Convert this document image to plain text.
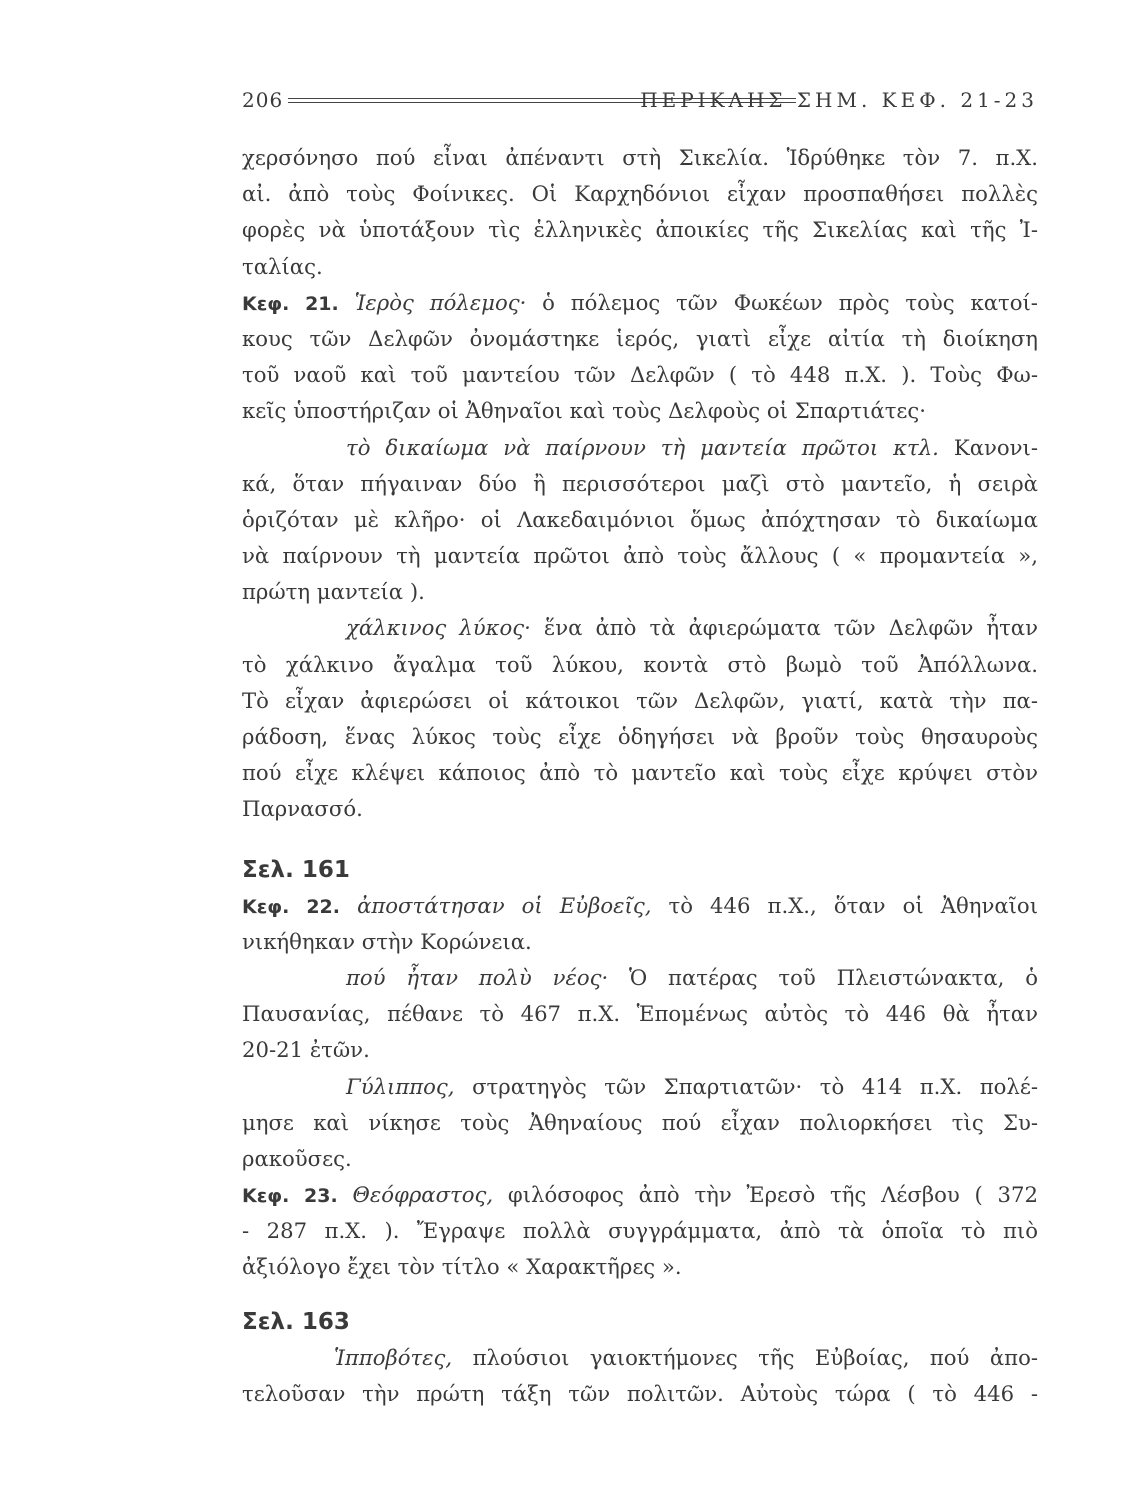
206	ΠΕΡΙΚΛΗΣ ΣΗΜ. ΚΕΦ. 21-23
χερσόνησο πού εἶναι ἀπέναντι στὴ Σικελία. Ἱδρύθηκε τὸν 7. π.Χ.
αἰ. ἀπὸ τοὺς Φοίνικες. Οἱ Καρχηδόνιοι εἶχαν προσπαθήσει πολλὲς
φορὲς νὰ ὑποτάξουν τὶς ἑλληνικὲς ἀποικίες τῆς Σικελίας καὶ τῆς Ἰ-
ταλίας.
Κεφ. 21. Ἱερὸς πόλεμος· ὁ πόλεμος τῶν Φωκέων πρὸς τοὺς κατοί-
κους τῶν Δελφῶν ὀνομάστηκε ἱερός, γιατὶ εἶχε αἰτία τὴ διοίκηση
τοῦ ναοῦ καὶ τοῦ μαντείου τῶν Δελφῶν ( τὸ 448 π.Χ. ). Τοὺς Φω-
κεῖς ὑποστήριζαν οἱ Ἀθηναῖοι καὶ τοὺς Δελφοὺς οἱ Σπαρτιάτες·
τὸ δικαίωμα νὰ παίρνουν τὴ μαντεία πρῶτοι κτλ. Κανονι-
κά, ὅταν πήγαιναν δύο ἢ περισσότεροι μαζὶ στὸ μαντεῖο, ἡ σειρὰ
ὁριζόταν μὲ κλῆρο· οἱ Λακεδαιμόνιοι ὅμως ἀπόχτησαν τὸ δικαίωμα
νὰ παίρνουν τὴ μαντεία πρῶτοι ἀπὸ τοὺς ἄλλους ( « προμαντεία »,
πρώτη μαντεία ).
χάλκινος λύκος· ἕνα ἀπὸ τὰ ἀφιερώματα τῶν Δελφῶν ἦταν
τὸ χάλκινο ἄγαλμα τοῦ λύκου, κοντὰ στὸ βωμὸ τοῦ Ἀπόλλωνα.
Τὸ εἶχαν ἀφιερώσει οἱ κάτοικοι τῶν Δελφῶν, γιατί, κατὰ τὴν πα-
ράδοση, ἕνας λύκος τοὺς εἶχε ὁδηγήσει νὰ βροῦν τοὺς θησαυροὺς
πού εἶχε κλέψει κάποιος ἀπὸ τὸ μαντεῖο καὶ τοὺς εἶχε κρύψει στὸν
Παρνασσό.
Σελ. 161
Κεφ. 22. ἀποστάτησαν οἱ Εὐβοεῖς, τὸ 446 π.Χ., ὅταν οἱ Ἀθηναῖοι
νικήθηκαν στὴν Κορώνεια.
πού ἦταν πολὺ νέος· Ὁ πατέρας τοῦ Πλειστώνακτα, ὁ
Παυσανίας, πέθανε τὸ 467 π.Χ. Ἑπομένως αὐτὸς τὸ 446 θὰ ἦταν
20-21 ἐτῶν.
Γύλιππος, στρατηγὸς τῶν Σπαρτιατῶν· τὸ 414 π.Χ. πολέ-
μησε καὶ νίκησε τοὺς Ἀθηναίους πού εἶχαν πολιορκήσει τὶς Συ-
ρακοῦσες.
Κεφ. 23. Θεόφραστος, φιλόσοφος ἀπὸ τὴν Ἐρεσὸ τῆς Λέσβου ( 372
- 287 π.Χ. ). Ἔγραψε πολλὰ συγγράμματα, ἀπὸ τὰ ὁποῖα τὸ πιὸ
ἀξιόλογο ἔχει τὸν τίτλο « Χαρακτῆρες ».
Σελ. 163
Ἱπποβότες, πλούσιοι γαιοκτήμονες τῆς Εὐβοίας, πού ἀπο-
τελοῦσαν τὴν πρώτη τάξη τῶν πολιτῶν. Αὐτοὺς τώρα ( τὸ 446 -
